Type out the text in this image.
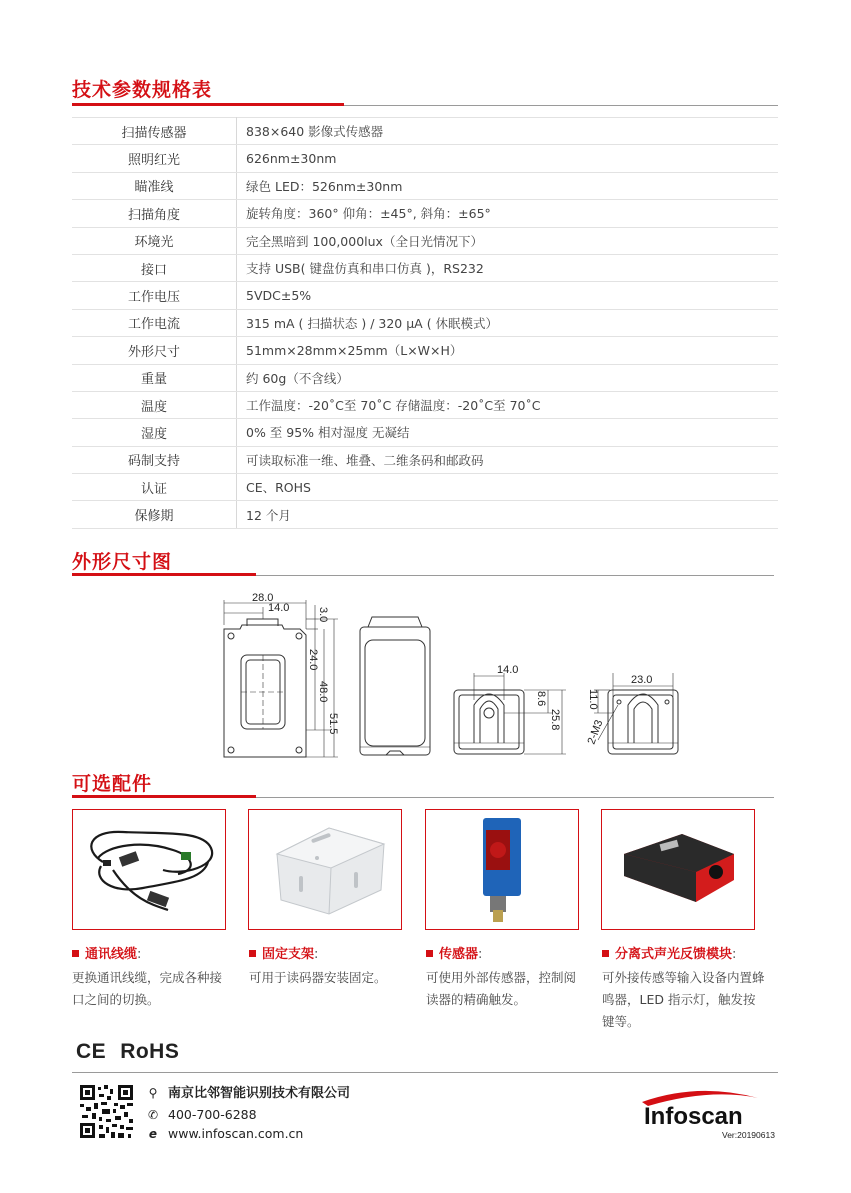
技术参数规格表
扫描传感器	838×640 影像式传感器
照明红光	626nm±30nm
瞄准线	绿色 LED：526nm±30nm
扫描角度	旋转角度：360° 仰角：±45°, 斜角：±65°
环境光	完全黑暗到 100,000lux（全日光情况下）
接口	支持 USB( 键盘仿真和串口仿真 )，RS232
工作电压	5VDC±5%
工作电流	315 mA ( 扫描状态 ) / 320 μA ( 休眠模式）
外形尺寸	51mm×28mm×25mm（L×W×H）
重量	约 60g（不含线）
温度	工作温度：-20˚C至 70˚C 存储温度：-20˚C至 70˚C
湿度	0% 至 95% 相对湿度 无凝结
码制支持	可读取标准一维、堆叠、二维条码和邮政码
认证	CE、ROHS
保修期	12 个月
外形尺寸图
28.0
14.0	3.0
24.0
48.0
51.5
14.0
8.6
25.8
23.0
11.0
2-M3
可选配件
通讯线缆:
更换通讯线缆，完成各种接口之间的切换。
固定支架:
可用于读码器安装固定。
传感器:
可使用外部传感器，控制阅读器的精确触发。
分离式声光反馈模块:
可外接传感等输入设备内置蜂鸣器，LED 指示灯，触发按键等。
CE RoHS
⚲ 南京比邻智能识别技术有限公司
✆ 400-700-6288
e www.infoscan.com.cn
Infoscan
Ver:20190613
